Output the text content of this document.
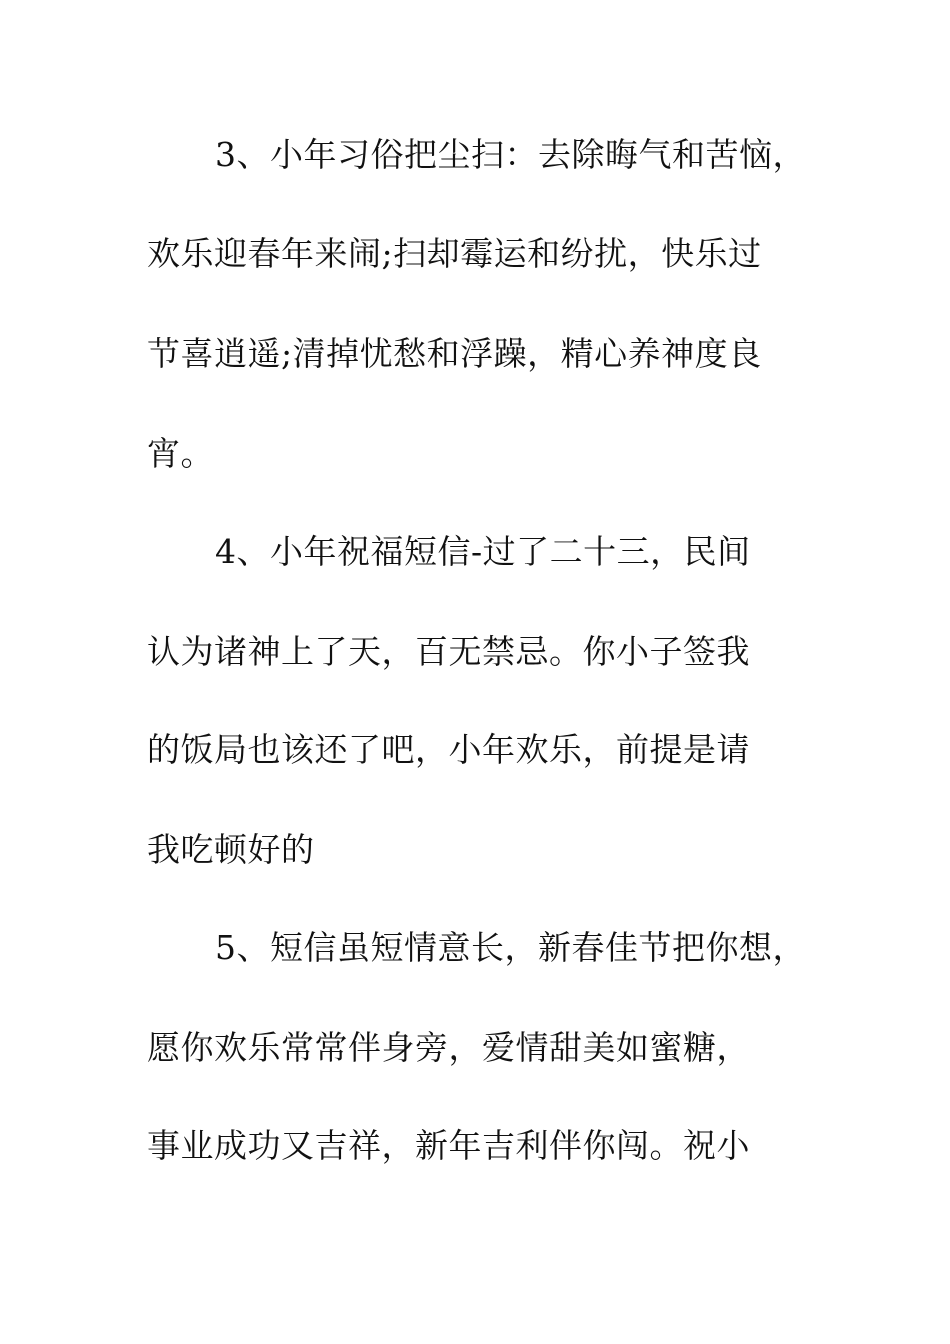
3、小年习俗把尘扫：去除晦气和苦恼，
欢乐迎春年来闹;扫却霉运和纷扰，快乐过
节喜逍遥;清掉忧愁和浮躁，精心养神度良
宵。
4、小年祝福短信-过了二十三，民间
认为诸神上了天，百无禁忌。你小子签我
的饭局也该还了吧，小年欢乐，前提是请
我吃顿好的
5、短信虽短情意长，新春佳节把你想，
愿你欢乐常常伴身旁，爱情甜美如蜜糖，
事业成功又吉祥，新年吉利伴你闯。祝小
